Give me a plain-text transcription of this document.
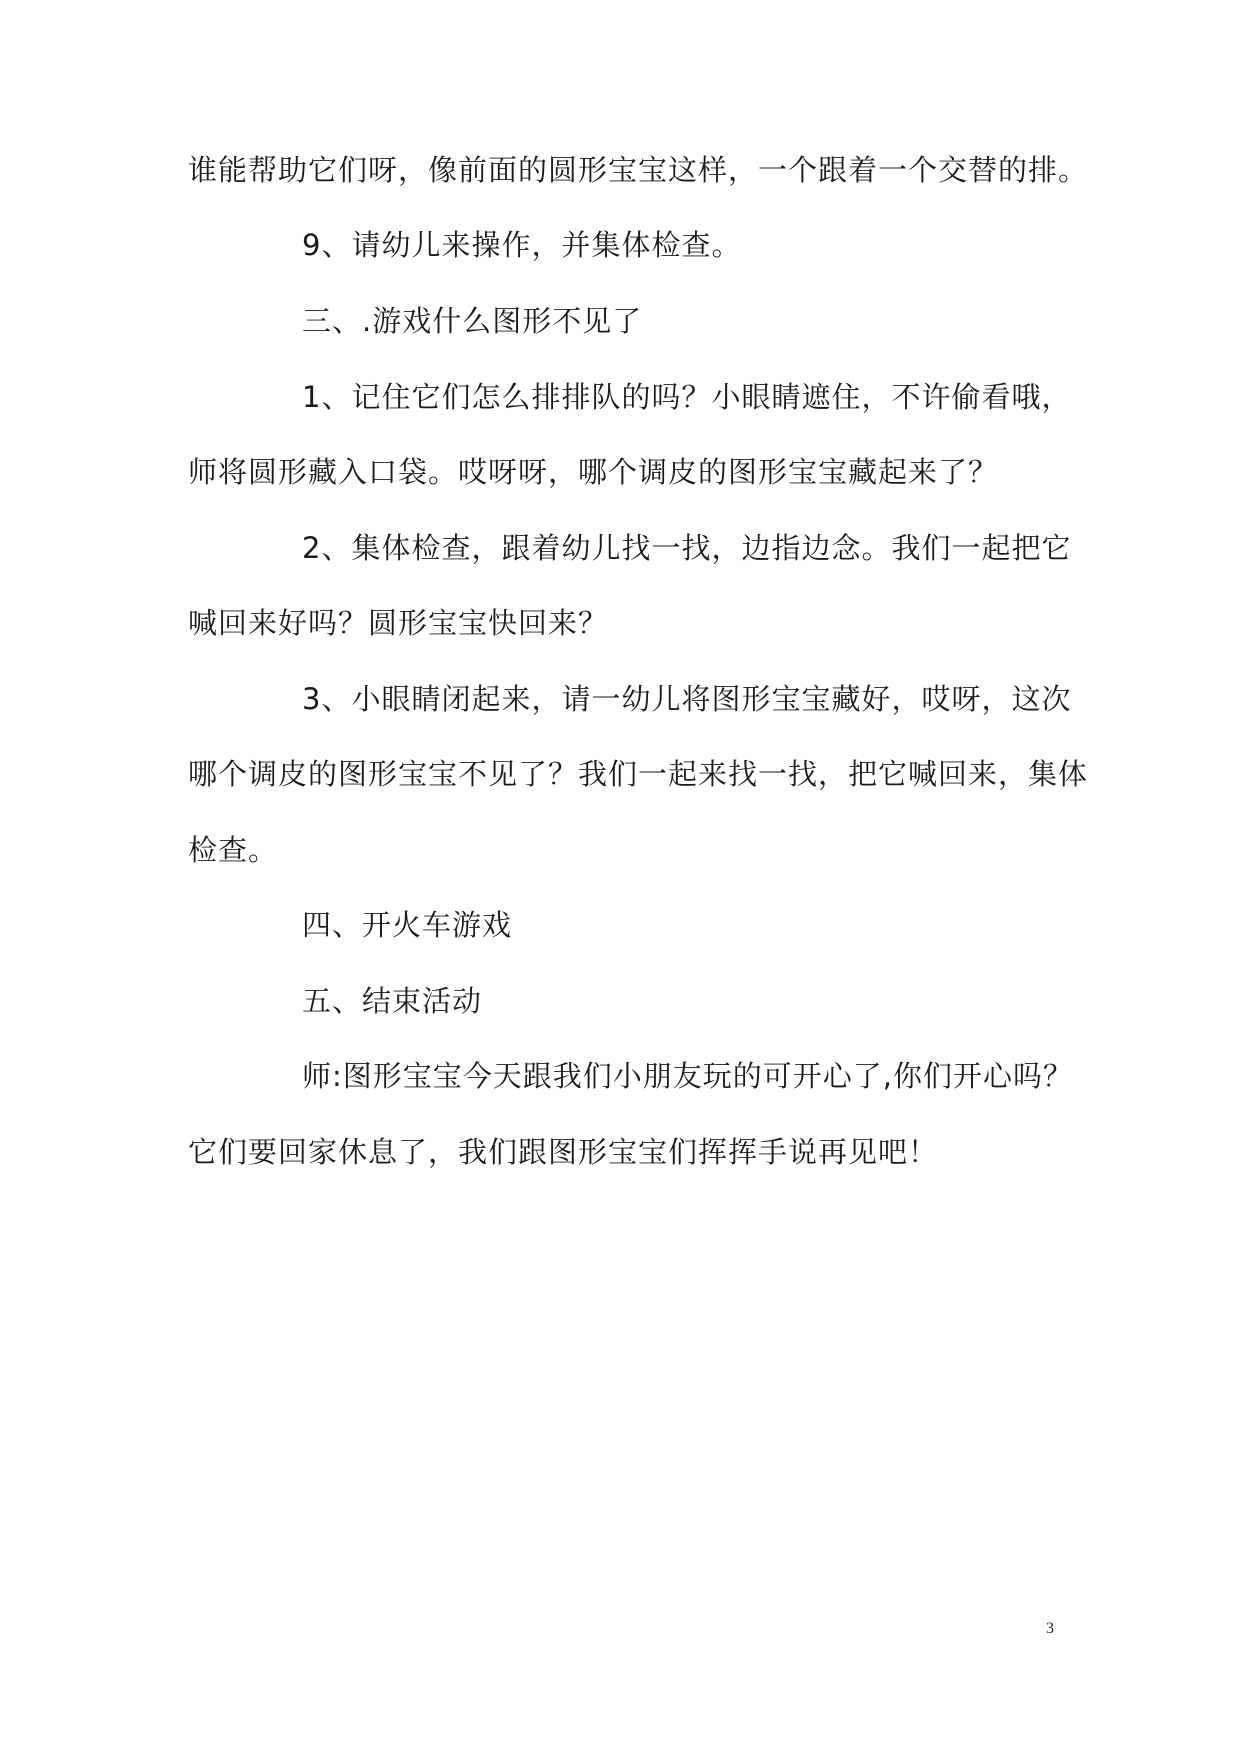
谁能帮助它们呀，像前面的圆形宝宝这样，一个跟着一个交替的排。
9、请幼儿来操作，并集体检查。
三、.游戏什么图形不见了
1、记住它们怎么排排队的吗？小眼睛遮住，不许偷看哦，
师将圆形藏入口袋。哎呀呀，哪个调皮的图形宝宝藏起来了？
2、集体检查，跟着幼儿找一找，边指边念。我们一起把它
喊回来好吗？圆形宝宝快回来？
3、小眼睛闭起来，请一幼儿将图形宝宝藏好，哎呀，这次
哪个调皮的图形宝宝不见了？我们一起来找一找，把它喊回来，集体
检查。
四、开火车游戏
五、结束活动
师:图形宝宝今天跟我们小朋友玩的可开心了,你们开心吗？
它们要回家休息了，我们跟图形宝宝们挥挥手说再见吧！
3
